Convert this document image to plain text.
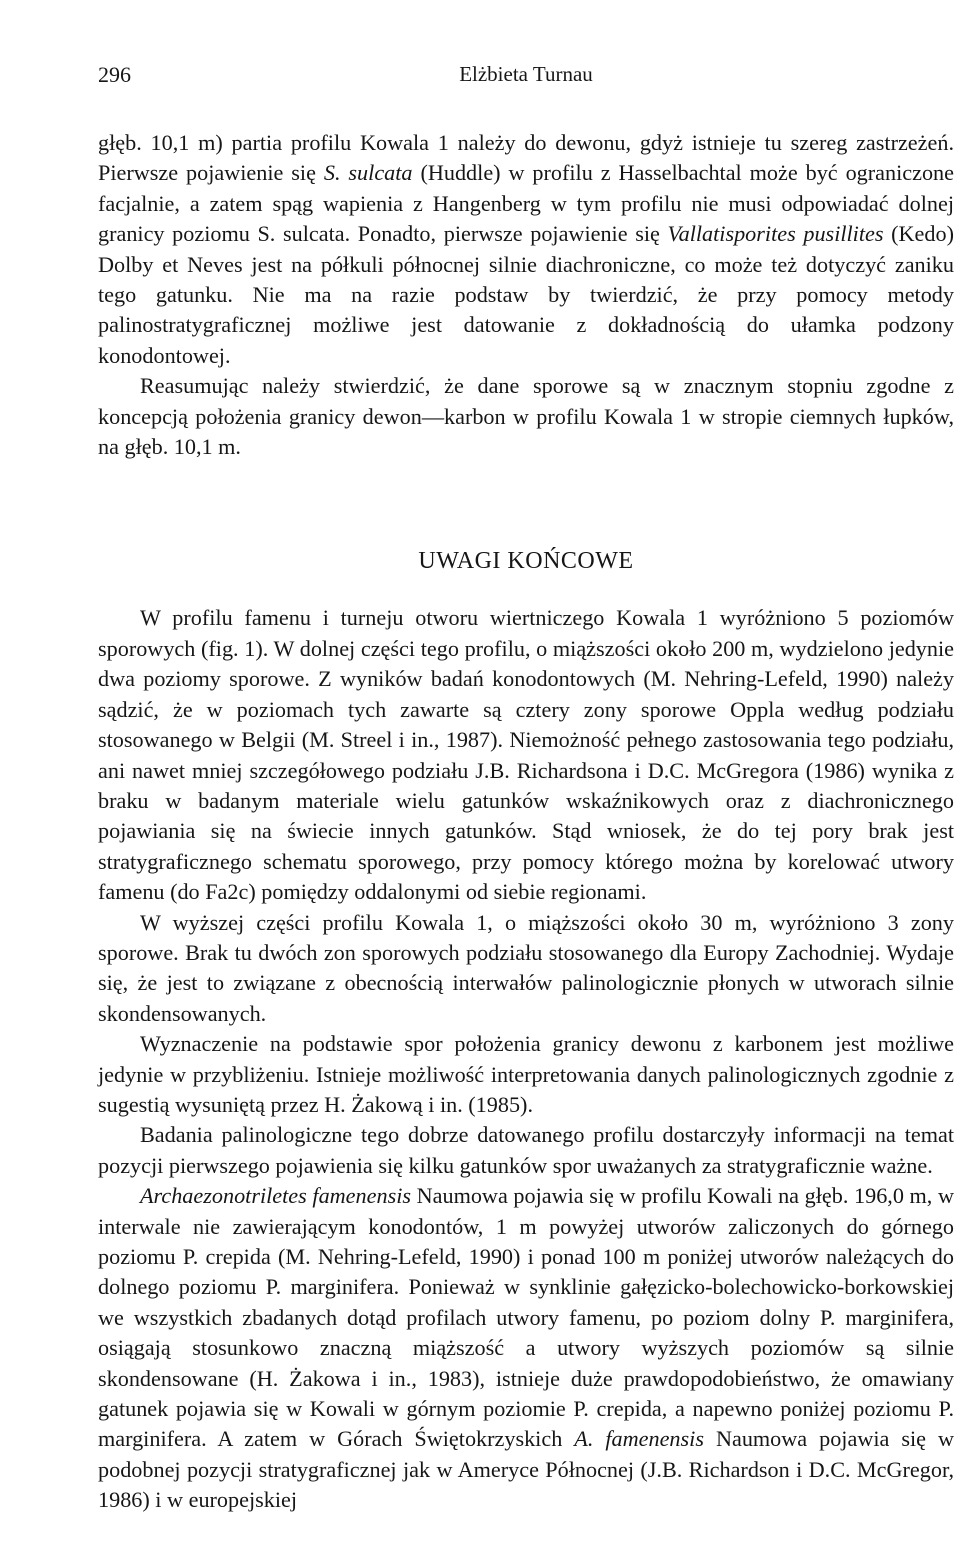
296	Elżbieta Turnau

głęb. 10,1 m) partia profilu Kowala 1 należy do dewonu, gdyż istnieje tu szereg zastrzeżeń. Pierwsze pojawienie się S. sulcata (Huddle) w profilu z Hasselbachtal może być ograniczone facjalnie, a zatem spąg wapienia z Hangenberg w tym profilu nie musi odpowiadać dolnej granicy poziomu S. sulcata. Ponadto, pierwsze pojawienie się Vallatisporites pusillites (Kedo) Dolby et Neves jest na półkuli północnej silnie diachroniczne, co może też dotyczyć zaniku tego gatunku. Nie ma na razie podstaw by twierdzić, że przy pomocy metody palinostratygraficznej możliwe jest datowanie z dokładnością do ułamka podzony konodontowej.

Reasumując należy stwierdzić, że dane sporowe są w znacznym stopniu zgodne z koncepcją położenia granicy dewon—karbon w profilu Kowala 1 w stropie ciemnych łupków, na głęb. 10,1 m.

UWAGI KOŃCOWE

W profilu famenu i turneju otworu wiertniczego Kowala 1 wyróżniono 5 poziomów sporowych (fig. 1). W dolnej części tego profilu, o miąższości około 200 m, wydzielono jedynie dwa poziomy sporowe. Z wyników badań konodontowych (M. Nehring-Lefeld, 1990) należy sądzić, że w poziomach tych zawarte są cztery zony sporowe Oppla według podziału stosowanego w Belgii (M. Streel i in., 1987). Niemożność pełnego zastosowania tego podziału, ani nawet mniej szczegółowego podziału J.B. Richardsona i D.C. McGregora (1986) wynika z braku w badanym materiale wielu gatunków wskaźnikowych oraz z diachronicznego pojawiania się na świecie innych gatunków. Stąd wniosek, że do tej pory brak jest stratygraficznego schematu sporowego, przy pomocy którego można by korelować utwory famenu (do Fa2c) pomiędzy oddalonymi od siebie regionami.

W wyższej części profilu Kowala 1, o miąższości około 30 m, wyróżniono 3 zony sporowe. Brak tu dwóch zon sporowych podziału stosowanego dla Europy Zachodniej. Wydaje się, że jest to związane z obecnością interwałów palinologicznie płonych w utworach silnie skondensowanych.

Wyznaczenie na podstawie spor położenia granicy dewonu z karbonem jest możliwe jedynie w przybliżeniu. Istnieje możliwość interpretowania danych palinologicznych zgodnie z sugestią wysuniętą przez H. Żakową i in. (1985).

Badania palinologiczne tego dobrze datowanego profilu dostarczyły informacji na temat pozycji pierwszego pojawienia się kilku gatunków spor uważanych za stratygraficznie ważne.

Archaezonotriletes famenensis Naumowa pojawia się w profilu Kowali na głęb. 196,0 m, w interwale nie zawierającym konodontów, 1 m powyżej utworów zaliczonych do górnego poziomu P. crepida (M. Nehring-Lefeld, 1990) i ponad 100 m poniżej utworów należących do dolnego poziomu P. marginifera. Ponieważ w synklinie gałęzicko-bolechowicko-borkowskiej we wszystkich zbadanych dotąd profilach utwory famenu, po poziom dolny P. marginifera, osiągają stosunkowo znaczną miąższość a utwory wyższych poziomów są silnie skondensowane (H. Żakowa i in., 1983), istnieje duże prawdopodobieństwo, że omawiany gatunek pojawia się w Kowali w górnym poziomie P. crepida, a napewno poniżej poziomu P. marginifera. A zatem w Górach Świętokrzyskich A. famenensis Naumowa pojawia się w podobnej pozycji stratygraficznej jak w Ameryce Północnej (J.B. Richardson i D.C. McGregor, 1986) i w europejskiej
